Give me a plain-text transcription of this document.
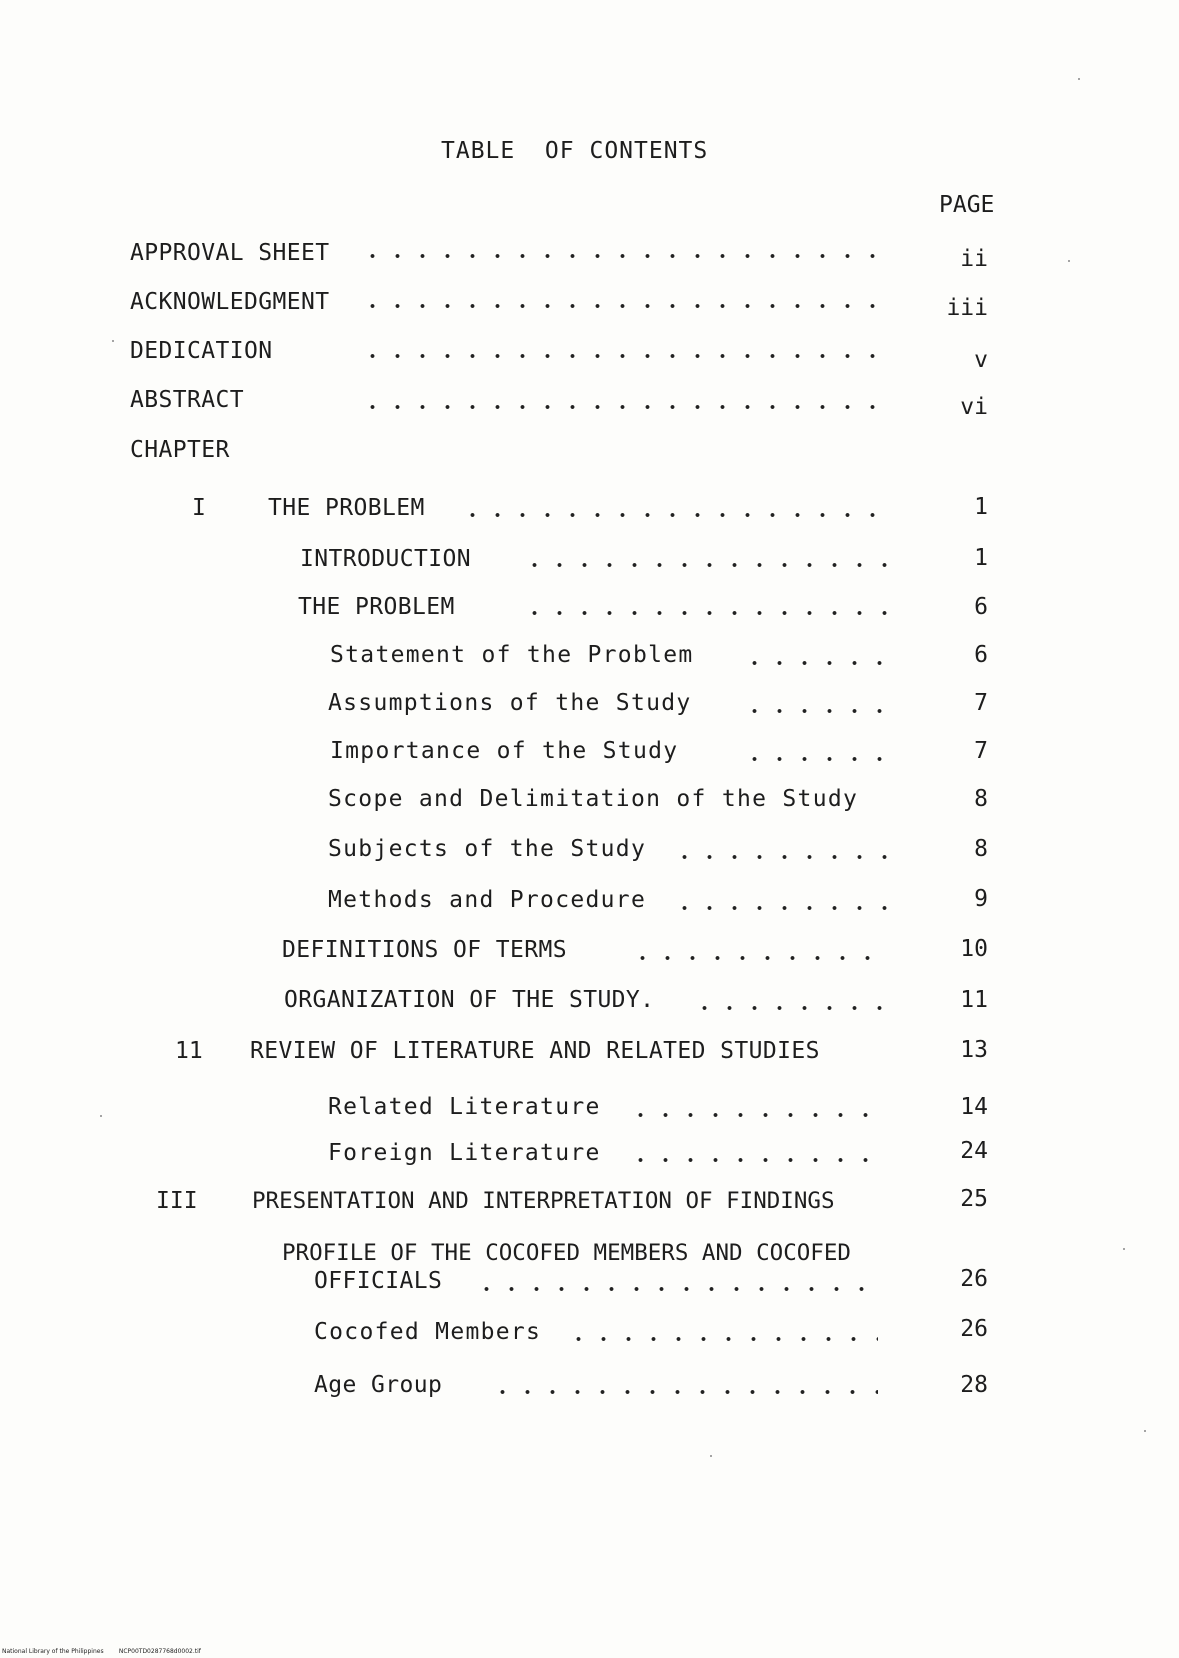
TABLE  OF CONTENTS
PAGE
APPROVAL SHEET	ii
ACKNOWLEDGMENT	iii
DEDICATION	v
ABSTRACT	vi
CHAPTER
I	THE PROBLEM	1
INTRODUCTION	1
THE PROBLEM	6
Statement of the Problem	6
Assumptions of the Study	7
Importance of the Study	7
Scope and Delimitation of the Study	8
Subjects of the Study	8
Methods and Procedure	9
DEFINITIONS OF TERMS	10
ORGANIZATION OF THE STUDY.	11
11 REVIEW OF LITERATURE AND RELATED STUDIES	13
Related Literature	14
Foreign Literature	24
III PRESENTATION AND INTERPRETATION OF FINDINGS	25
PROFILE OF THE COCOFED MEMBERS AND COCOFED
OFFICIALS	26
Cocofed Members	26
Age Group	28
National Library of the Philippines	NCP00TD0287768d0002.tif
